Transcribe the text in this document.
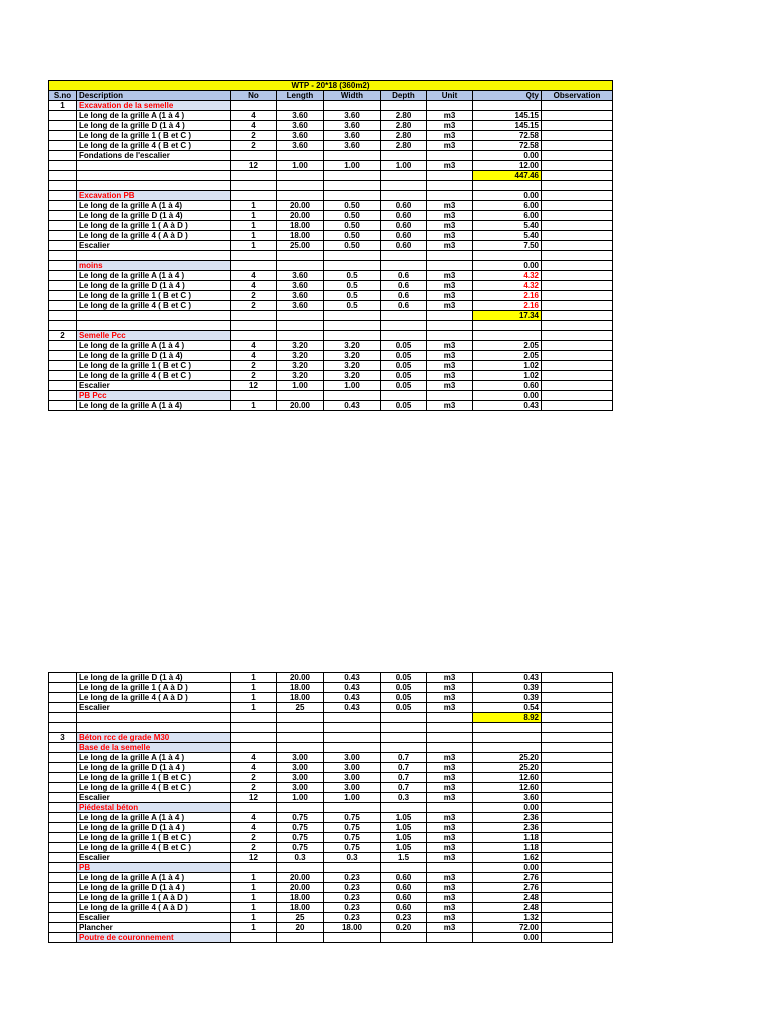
WTP - 20*18 (360m2)								
S.no	Description	No	Length	Width	Depth	Unit	Qty	Observation
1	Excavation de la semelle							
	Le long de la grille A (1 à 4 )	4	3.60	3.60	2.80	m3	145.15	
	Le long de la grille D (1 à 4 )	4	3.60	3.60	2.80	m3	145.15	
	Le long de la grille 1 ( B et C )	2	3.60	3.60	2.80	m3	72.58	
	Le long de la grille 4 ( B et C )	2	3.60	3.60	2.80	m3	72.58	
	Fondations de l'escalier						0.00	
		12	1.00	1.00	1.00	m3	12.00	
							447.46	

	Excavation PB						0.00	
	Le long de la grille A (1 à 4)	1	20.00	0.50	0.60	m3	6.00	
	Le long de la grille D (1 à 4)	1	20.00	0.50	0.60	m3	6.00	
	Le long de la grille 1 ( A à D )	1	18.00	0.50	0.60	m3	5.40	
	Le long de la grille 4 ( A à D )	1	18.00	0.50	0.60	m3	5.40	
	Escalier	1	25.00	0.50	0.60	m3	7.50	

	moins						0.00	
	Le long de la grille A (1 à 4 )	4	3.60	0.5	0.6	m3	4.32	
	Le long de la grille D (1 à 4 )	4	3.60	0.5	0.6	m3	4.32	
	Le long de la grille 1 ( B et C )	2	3.60	0.5	0.6	m3	2.16	
	Le long de la grille 4 ( B et C )	2	3.60	0.5	0.6	m3	2.16	
							17.34	

2	Semelle Pcc							
	Le long de la grille A (1 à 4 )	4	3.20	3.20	0.05	m3	2.05	
	Le long de la grille D (1 à 4)	4	3.20	3.20	0.05	m3	2.05	
	Le long de la grille 1 ( B et C )	2	3.20	3.20	0.05	m3	1.02	
	Le long de la grille 4 ( B et C )	2	3.20	3.20	0.05	m3	1.02	
	Escalier	12	1.00	1.00	0.05	m3	0.60	
	PB Pcc						0.00	
	Le long de la grille A (1 à 4)	1	20.00	0.43	0.05	m3	0.43	
	Le long de la grille D (1 à 4)	1	20.00	0.43	0.05	m3	0.43	
	Le long de la grille 1 ( A à D )	1	18.00	0.43	0.05	m3	0.39	
	Le long de la grille 4 ( A à D )	1	18.00	0.43	0.05	m3	0.39	
	Escalier	1	25	0.43	0.05	m3	0.54	
							8.92	

3	Béton rcc de grade M30							
	Base de la semelle							
	Le long de la grille A (1 à 4 )	4	3.00	3.00	0.7	m3	25.20	
	Le long de la grille D (1 à 4 )	4	3.00	3.00	0.7	m3	25.20	
	Le long de la grille 1 ( B et C )	2	3.00	3.00	0.7	m3	12.60	
	Le long de la grille 4 ( B et C )	2	3.00	3.00	0.7	m3	12.60	
	Escalier	12	1.00	1.00	0.3	m3	3.60	
	Piédestal béton						0.00	
	Le long de la grille A (1 à 4 )	4	0.75	0.75	1.05	m3	2.36	
	Le long de la grille D (1 à 4 )	4	0.75	0.75	1.05	m3	2.36	
	Le long de la grille 1 ( B et C )	2	0.75	0.75	1.05	m3	1.18	
	Le long de la grille 4 ( B et C )	2	0.75	0.75	1.05	m3	1.18	
	Escalier	12	0.3	0.3	1.5	m3	1.62	
	PB						0.00	
	Le long de la grille A (1 à 4 )	1	20.00	0.23	0.60	m3	2.76	
	Le long de la grille D (1 à 4 )	1	20.00	0.23	0.60	m3	2.76	
	Le long de la grille 1 ( A à D )	1	18.00	0.23	0.60	m3	2.48	
	Le long de la grille 4 ( A à D )	1	18.00	0.23	0.60	m3	2.48	
	Escalier	1	25	0.23	0.23	m3	1.32	
	Plancher	1	20	18.00	0.20	m3	72.00	
	Poutre de couronnement						0.00	
